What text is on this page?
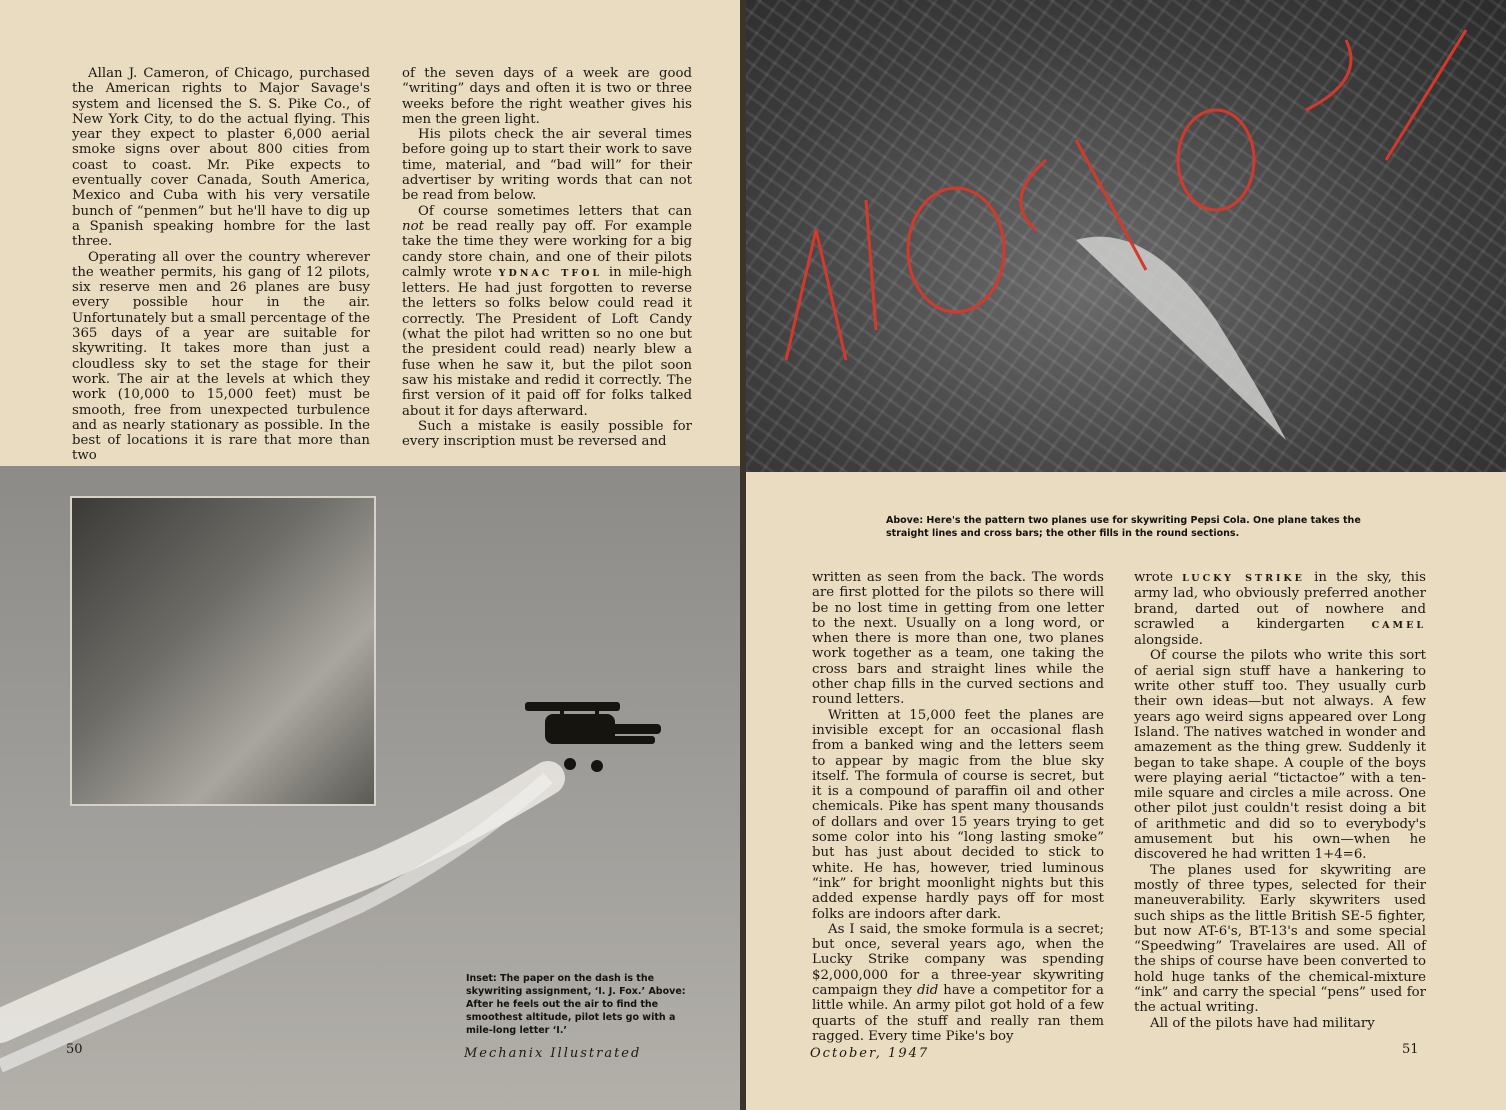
Allan J. Cameron, of Chicago, purchased the American rights to Major Savage's system and licensed the S. S. Pike Co., of New York City, to do the actual flying. This year they expect to plaster 6,000 aerial smoke signs over about 800 cities from coast to coast. Mr. Pike expects to eventually cover Canada, South America, Mexico and Cuba with his very versatile bunch of “penmen” but he'll have to dig up a Spanish speaking hombre for the last three.

Operating all over the country wherever the weather permits, his gang of 12 pilots, six reserve men and 26 planes are busy every possible hour in the air. Unfortunately but a small percentage of the 365 days of a year are suitable for skywriting. It takes more than just a cloudless sky to set the stage for their work. The air at the levels at which they work (10,000 to 15,000 feet) must be smooth, free from unexpected turbulence and as nearly stationary as possible. In the best of locations it is rare that more than two

of the seven days of a week are good “writing” days and often it is two or three weeks before the right weather gives his men the green light.

His pilots check the air several times before going up to start their work to save time, material, and “bad will” for their advertiser by writing words that can not be read from below.

Of course sometimes letters that can not be read really pay off. For example take the time they were working for a big candy store chain, and one of their pilots calmly wrote YDNAC TFOL in mile-high letters. He had just forgotten to reverse the letters so folks below could read it correctly. The President of Loft Candy (what the pilot had written so no one but the president could read) nearly blew a fuse when he saw it, but the pilot soon saw his mistake and redid it correctly. The first version of it paid off for folks talked about it for days afterward.

Such a mistake is easily possible for every inscription must be reversed and

Inset: The paper on the dash is the skywriting assignment, ‘I. J. Fox.’ Above: After he feels out the air to find the smoothest altitude, pilot lets go with a mile-long letter ‘I.’
50	Mechanix Illustrated
Above: Here's the pattern two planes use for skywriting Pepsi Cola. One plane takes the straight lines and cross bars; the other fills in the round sections.

written as seen from the back. The words are first plotted for the pilots so there will be no lost time in getting from one letter to the next. Usually on a long word, or when there is more than one, two planes work together as a team, one taking the cross bars and straight lines while the other chap fills in the curved sections and round letters.

Written at 15,000 feet the planes are invisible except for an occasional flash from a banked wing and the letters seem to appear by magic from the blue sky itself. The formula of course is secret, but it is a compound of paraffin oil and other chemicals. Pike has spent many thousands of dollars and over 15 years trying to get some color into his “long lasting smoke” but has just about decided to stick to white. He has, however, tried luminous “ink” for bright moonlight nights but this added expense hardly pays off for most folks are indoors after dark.

As I said, the smoke formula is a secret; but once, several years ago, when the Lucky Strike company was spending $2,000,000 for a three-year skywriting campaign they did have a competitor for a little while. An army pilot got hold of a few quarts of the stuff and really ran them ragged. Every time Pike's boy

wrote LUCKY STRIKE in the sky, this army lad, who obviously preferred another brand, darted out of nowhere and scrawled a kindergarten CAMEL alongside.

Of course the pilots who write this sort of aerial sign stuff have a hankering to write other stuff too. They usually curb their own ideas—but not always. A few years ago weird signs appeared over Long Island. The natives watched in wonder and amazement as the thing grew. Suddenly it began to take shape. A couple of the boys were playing aerial “tictactoe” with a ten-mile square and circles a mile across. One other pilot just couldn't resist doing a bit of arithmetic and did so to everybody's amusement but his own—when he discovered he had written 1+4=6.

The planes used for skywriting are mostly of three types, selected for their maneuverability. Early skywriters used such ships as the little British SE-5 fighter, but now AT-6's, BT-13's and some special “Speedwing” Travelaires are used. All of the ships of course have been converted to hold huge tanks of the chemical-mixture “ink” and carry the special “pens” used for the actual writing.

All of the pilots have had military

October, 1947	51
